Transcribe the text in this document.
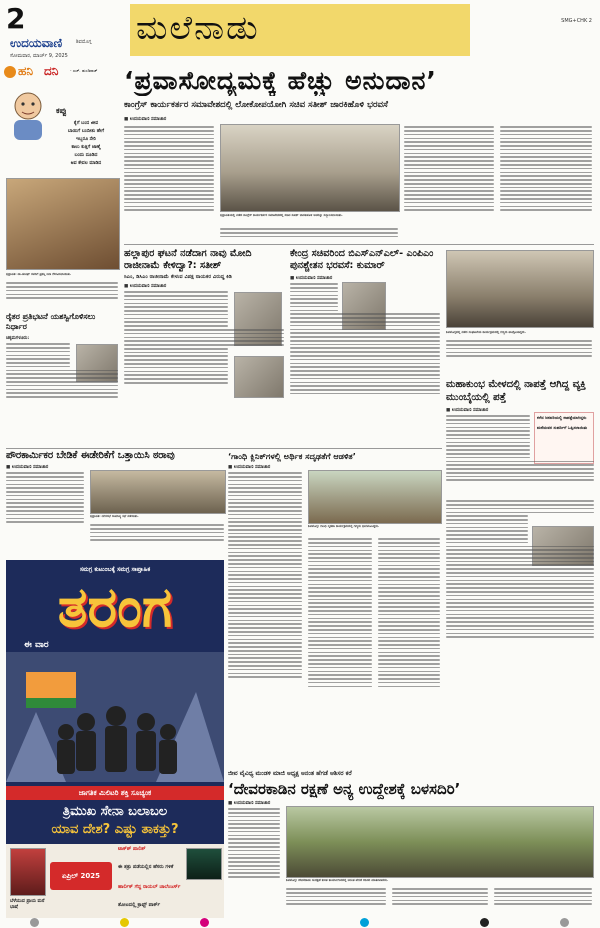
2
ಉದಯವಾಣಿ	ಶಿವಮೊಗ್ಗ
ಸೋಮವಾರ, ಮಾರ್ಚ್ 9, 2025
ಮಲೆನಾಡು	SMG+CHK 2
ಹನಿ ದನಿ	- ಎಚ್. ಡುಂಡಿರಾಜ್
ಕಪ್ಪು
ಕೈಗೆ ಬಂದ ಜೀವ
ಬಾಯಿಗೆ ಬಂದೀತು ಹೇಗೆ
ಇಬ್ಬರೂ ಸೇರಿ
ಕಾಲು ಕುತ್ತಿಗೆ ಜಾಣ್ಮೆ
ಬಂದು ದೂಡಿದ
ಅವ ಕೇವಲ ಮಾಡಿದ
ಭದ್ರಾವತಿ: ಡಾ.ಹನೀಫ್ ರವರಿಗೆ ಪ್ರಶಸ್ತಿ ನೀಡಿ ಗೌರವಿಸಲಾಯಿತು.
ರೈತರ ಪ್ರತಿಭಟನೆ ಯಶಸ್ವಿಗೊಳಿಸಲು ನಿರ್ಧಾರ
ಚಿಕ್ಕಮಗಳೂರು:
‘ಪ್ರವಾಸೋದ್ಯಮಕ್ಕೆ ಹೆಚ್ಚು ಅನುದಾನ’
ಕಾಂಗ್ರೆಸ್ ಕಾರ್ಯಕರ್ತರ ಸಮಾವೇಶದಲ್ಲಿ ಲೋಕೋಪಯೋಗಿ ಸಚಿವ ಸತೀಶ್ ಜಾರಕಿಹೊಳಿ ಭರವಸೆ
■ ಉದಯವಾಣಿ ಸಮಾಚಾರ
ಭದ್ರಾವತಿಯಲ್ಲಿ ನಡೆದ ಕಾಂಗ್ರೆಸ್ ಕಾರ್ಯಕರ್ತರ ಸಮಾವೇಶದಲ್ಲಿ ಸಚಿವ ಸತೀಶ್ ಜಾರಕಿಹೊಳಿ ಅವರನ್ನು ಸನ್ಮಾನಿಸಲಾಯಿತು.
ಹಲ್ಲಾಪುರ ಘಟನೆ ನಡೆದಾಗ ನಾವು ಮೋದಿ ರಾಜೀನಾಮೆ ಕೇಳಿದ್ವಾ?: ಸತೀಶ್
ಸಿಎಂ, ಡಿಸಿಎಂ ರಾಜೀನಾಮೆ ಕೇಳುವ ವಿಪಕ್ಷ ನಾಯಕರ ವಿರುದ್ಧ ಕಿಡಿ
■ ಉದಯವಾಣಿ ಸಮಾಚಾರ
ಕೇಂದ್ರ ಸಚಿವರಿಂದ ಬಿಎಸ್‌ಎನ್‌ಎಲ್- ಎಂಪಿಎಂ ಪುನಶ್ಚೇತನ ಭರವಸೆ: ಕುಮಾರ್
■ ಉದಯವಾಣಿ ಸಮಾಚಾರ
ಶಿವಮೊಗ್ಗದಲ್ಲಿ ನಡೆದ ಸಂಘಟನೆಯ ಕಾರ್ಯಕ್ರಮದಲ್ಲಿ ಗಣ್ಯರು ಪಾಲ್ಗೊಂಡಿದ್ದರು.
ಮಹಾಕುಂಭ ಮೇಳದಲ್ಲಿ ನಾಪತ್ತೆ ಆಗಿದ್ದ ವ್ಯಕ್ತಿ ಮುಂಬೈಯಲ್ಲಿ ಪತ್ತೆ
■ ಉದಯವಾಣಿ ಸಮಾಚಾರ
ಕಳೆದ ಜನವರಿಯಲ್ಲಿ ನಾಪತ್ತೆಯಾಗಿದ್ದರು
ಮನೆಯವರ ಸುಪರ್ದಿಗೆ ಒಪ್ಪಿಸಲಾಯಿತು
ಪೌರಕಾರ್ಮಿಕರ ಬೇಡಿಕೆ ಈಡೇರಿಕೆಗೆ ಒತ್ತಾಯಿಸಿ ಠರಾವು
■ ಉದಯವಾಣಿ ಸಮಾಚಾರ
ಭದ್ರಾವತಿ: ನಗರಸಭೆ ಸಾಮಾನ್ಯ ಸಭೆ ನಡೆಯಿತು.
‘ಗಾಂಧಿ ಕ್ಲಿನಿಕ್‌ಗಳಲ್ಲಿ ಅರ್ಥಿಕ ಸದೃಢತೆಗೆ ಆಡಳಿತ’
■ ಉದಯವಾಣಿ ಸಮಾಚಾರ
ಶಿವಮೊಗ್ಗ: ಗಾಂಧಿ ಸ್ಮರಣಾ ಕಾರ್ಯಕ್ರಮದಲ್ಲಿ ಗಣ್ಯರು ಭಾಗವಹಿಸಿದ್ದರು.
ಸಮಗ್ರ ಕುಟುಂಬಕ್ಕೆ ಸಮಗ್ರ ಸಾಪ್ತಾಹಿಕ
ತರಂಗ
ಈ ವಾರ
ಜಾಗತಿಕ ಮಿಲಿಟರಿ ಶಕ್ತಿ ಸೂಚ್ಯಂಕ
ತ್ರಿಮುಖ ಸೇನಾ ಬಲಾಬಲ
ಯಾವ ದೇಶ? ಎಷ್ಟು ತಾಕತ್ತು?
ಏಪ್ರಿಲ್ 2025
ಟಾಕ್‌ಶ್ ಪಾಲಿಶ್
ಈ ಶತ್ರು ಪಡೆಯಲ್ಲಿನ ಹೆಸರು ಗಳಿಕೆ
ಹಾರ್ಲಿಕ್ ಗೆದ್ದ ರಾಯಲ್ ಚಾಲೆಂಜರ್ಸ್
ಬೆಳೆಯುವ ಪ್ರಾಯ ಮನೆ ಭಾಷೆ	ತೋಟದಲ್ಲಿ ಕ್ರಾಫ್ಟ್ ಪಾರ್ಕ್
ಜೀವ ವೈವಿಧ್ಯ ಮಂಡಳಿ ಮಾಜಿ ಅಧ್ಯಕ್ಷ ಅನಂತ ಹೆಗಡೆ ಆಶಿಸರ ಕರೆ
‘ದೇವರಕಾಡಿನ ರಕ್ಷಣೆ ಅನ್ಯ ಉದ್ದೇಶಕ್ಕೆ ಬಳಸದಿರಿ’
■ ಉದಯವಾಣಿ ಸಮಾಚಾರ
ಶಿವಮೊಗ್ಗ: ದೇವರಕಾಡು ಸಂರಕ್ಷಣೆ ಕುರಿತ ಕಾರ್ಯಾಗಾರದಲ್ಲಿ ಅನಂತ ಹೆಗಡೆ ಆಶಿಸರ ಮಾತನಾಡಿದರು.
